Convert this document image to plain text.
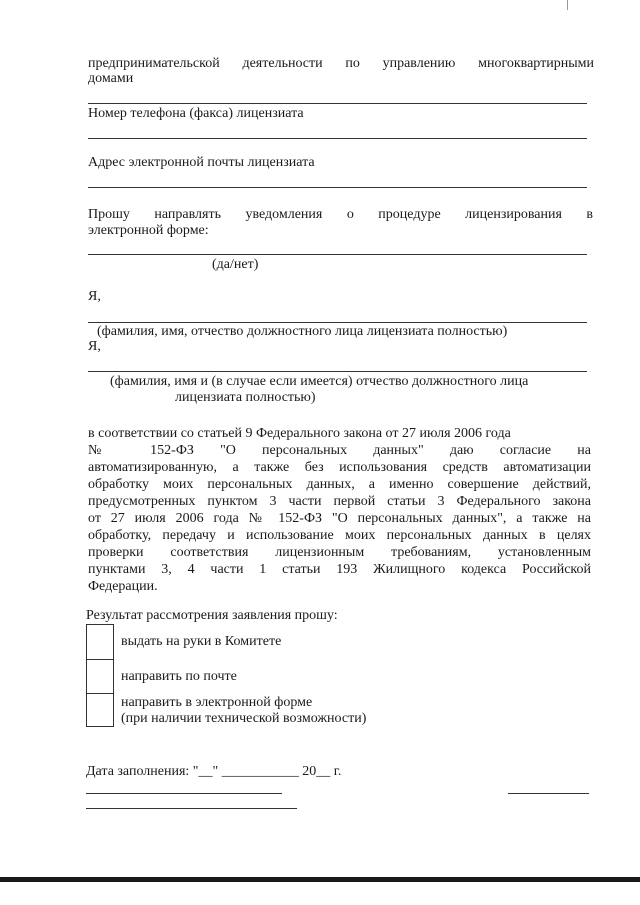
предпринимательской деятельности по управлению многоквартирными
домами
Номер телефона (факса) лицензиата
Адрес электронной почты лицензиата
Прошу направлять уведомления о процедуре лицензирования в
электронной форме:
(да/нет)
Я,
(фамилия, имя, отчество должностного лица лицензиата полностью)
Я,
(фамилия, имя и (в случае если имеется) отчество должностного лица
лицензиата полностью)
в соответствии со статьей 9 Федерального закона от 27 июля 2006 года
№ 152-ФЗ "О персональных данных" даю согласие на
автоматизированную, а также без использования средств автоматизации
обработку моих персональных данных, а именно совершение действий,
предусмотренных пунктом 3 части первой статьи 3 Федерального закона
от 27 июля 2006 года № 152-ФЗ "О персональных данных", а также на
обработку, передачу и использование моих персональных данных в целях
проверки соответствия лицензионным требованиям, установленным
пунктами 3, 4 части 1 статьи 193 Жилищного кодекса Российской
Федерации.
Результат рассмотрения заявления прошу:
выдать на руки в Комитете
направить по почте
направить в электронной форме
(при наличии технической возможности)
Дата заполнения: "__" ___________ 20__ г.
